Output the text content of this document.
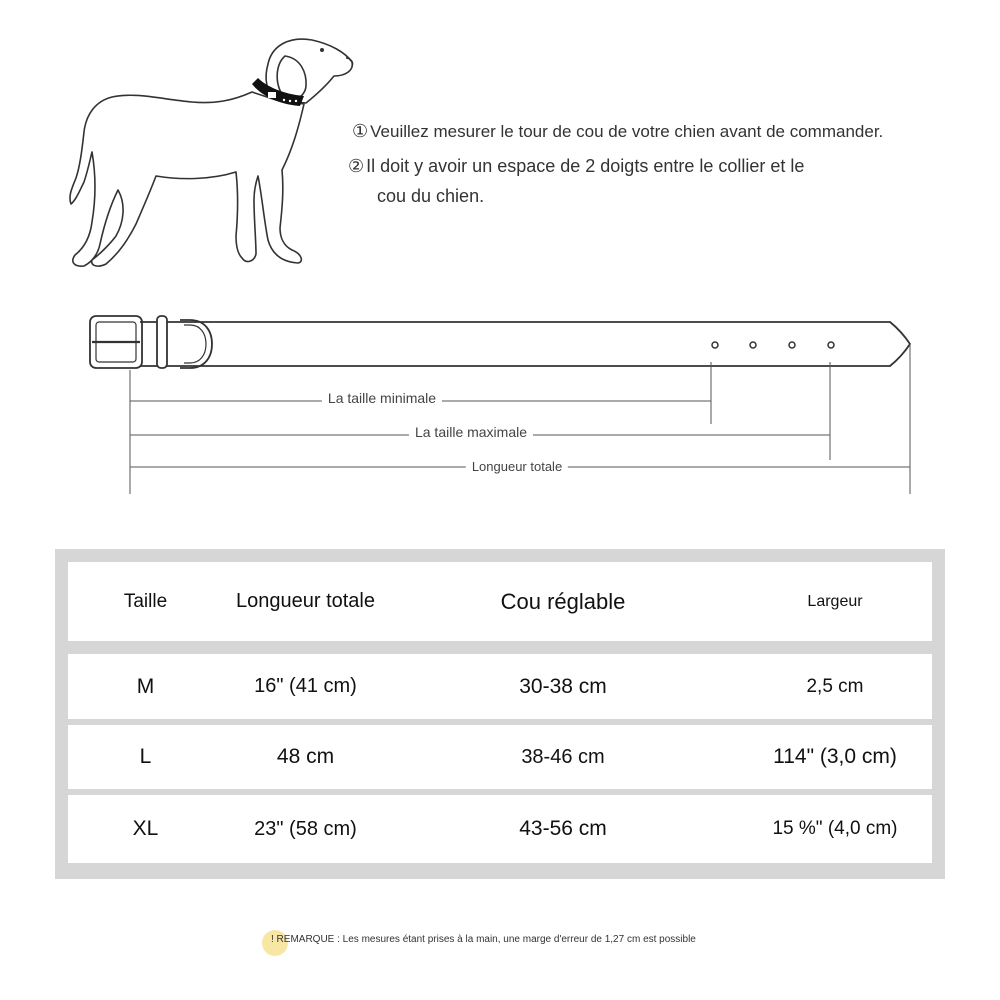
① Veuillez mesurer le tour de cou de votre chien avant de commander.
② Il doit y avoir un espace de 2 doigts entre le collier et le
cou du chien.
La taille minimale
La taille maximale
Longueur totale
Taille	Longueur totale	Cou réglable	Largeur
M	16" (41 cm)	30-38 cm	2,5 cm
L	48 cm	38-46 cm	114" (3,0 cm)
XL	23" (58 cm)	43-56 cm	15 %" (4,0 cm)
! REMARQUE : Les mesures étant prises à la main, une marge d'erreur de 1,27 cm est possible
